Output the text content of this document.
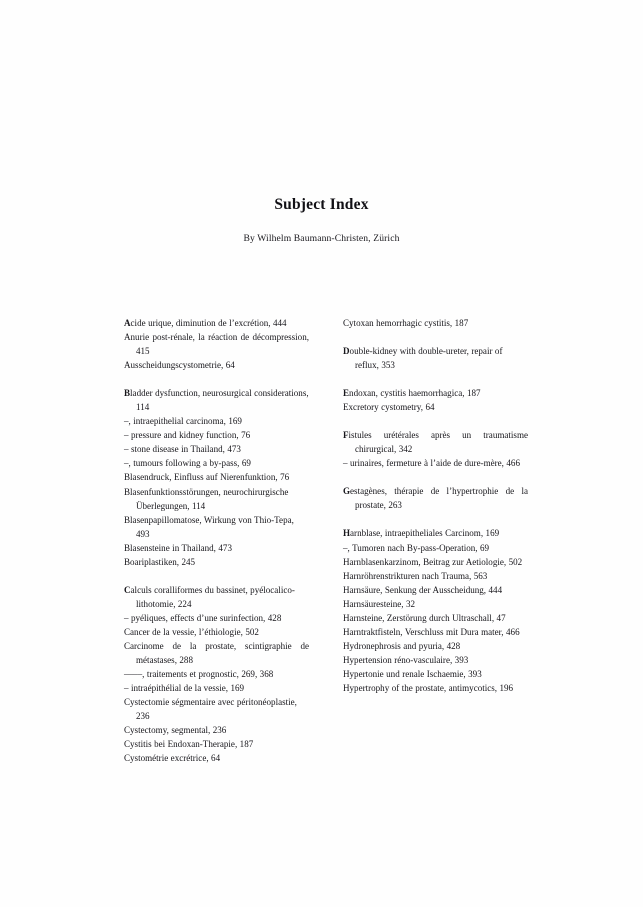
Subject Index
By Wilhelm Baumann-Christen, Zürich

Acide urique, diminution de l’excrétion, 444

Anurie post-rénale, la réaction de décompression, 415

Ausscheidungscystometrie, 64

Bladder dysfunction, neurosurgical considerations, 114

–, intraepithelial carcinoma, 169

– pressure and kidney function, 76

– stone disease in Thailand, 473

–, tumours following a by-pass, 69

Blasendruck, Einfluss auf Nierenfunktion, 76

Blasenfunktionsstörungen, neurochirurgische Überlegungen, 114

Blasenpapillomatose, Wirkung von Thio-Tepa, 493

Blasensteine in Thailand, 473

Boariplastiken, 245

Calculs coralliformes du bassinet, pyélocalico-lithotomie, 224

– pyéliques, effects d’une surinfection, 428

Cancer de la vessie, l’éthiologie, 502

Carcinome de la prostate, scintigraphie de métastases, 288

––––, traitements et prognostic, 269, 368

– intraépithélial de la vessie, 169

Cystectomie ségmentaire avec péritonéoplastie, 236

Cystectomy, segmental, 236

Cystitis bei Endoxan-Therapie, 187

Cystométrie excrétrice, 64

Cytoxan hemorrhagic cystitis, 187

Double-kidney with double-ureter, repair of reflux, 353

Endoxan, cystitis haemorrhagica, 187

Excretory cystometry, 64

Fistules urétérales après un traumatisme chirurgical, 342

– urinaires, fermeture à l’aide de dure-mère, 466

Gestagènes, thérapie de l’hypertrophie de la prostate, 263

Harnblase, intraepitheliales Carcinom, 169

–, Tumoren nach By-pass-Operation, 69

Harnblasenkarzinom, Beitrag zur Aetiologie, 502

Harnröhrenstrikturen nach Trauma, 563

Harnsäure, Senkung der Ausscheidung, 444

Harnsäuresteine, 32

Harnsteine, Zerstörung durch Ultraschall, 47

Harntraktfisteln, Verschluss mit Dura mater, 466

Hydronephrosis and pyuria, 428

Hypertension réno-vasculaire, 393

Hypertonie und renale Ischaemie, 393

Hypertrophy of the prostate, antimycotics, 196
